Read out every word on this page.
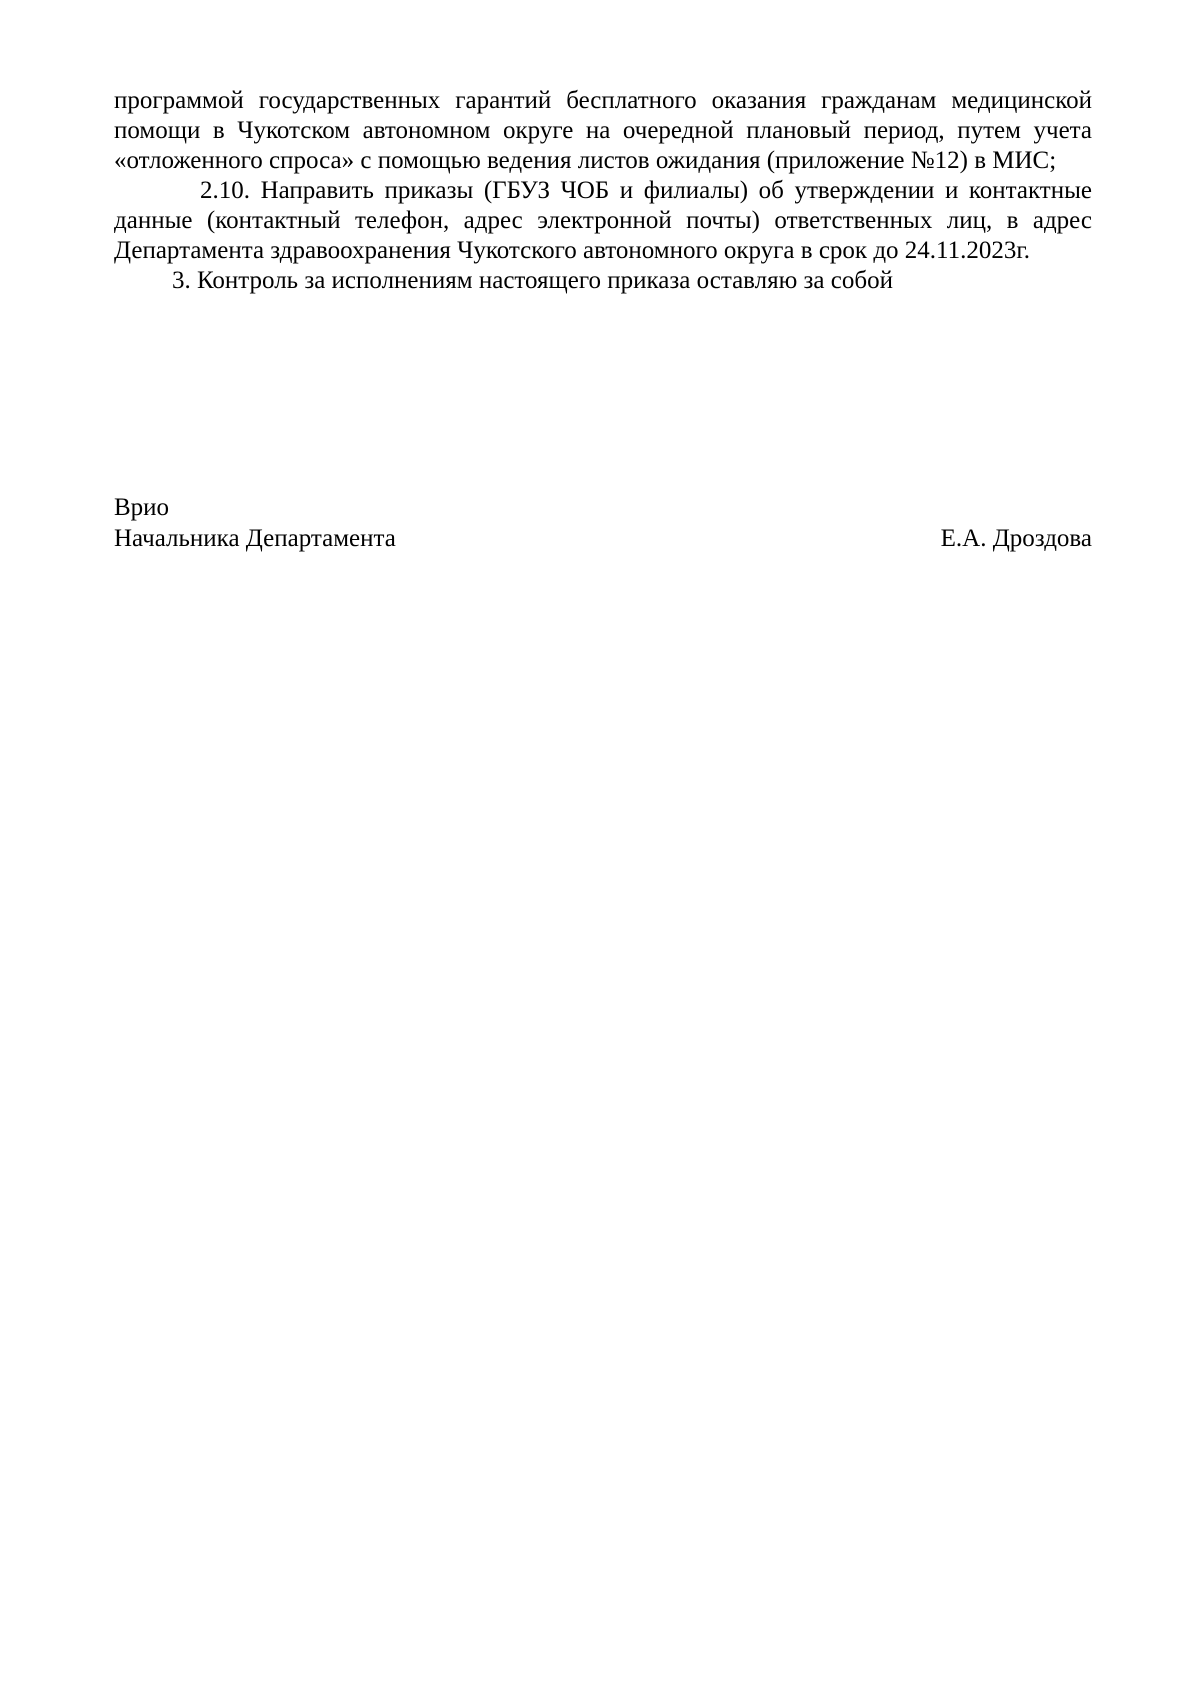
программой государственных гарантий бесплатного оказания гражданам медицинской помощи в Чукотском автономном округе на очередной плановый период, путем учета «отложенного спроса» с помощью ведения листов ожидания (приложение №12) в МИС;

2.10. Направить приказы (ГБУЗ ЧОБ и филиалы) об утверждении и контактные данные (контактный телефон, адрес электронной почты) ответственных лиц, в адрес Департамента здравоохранения Чукотского автономного округа в срок до 24.11.2023г.

3. Контроль за исполнениям настоящего приказа оставляю за собой

Врио
Начальника Департамента	Е.А. Дроздова
